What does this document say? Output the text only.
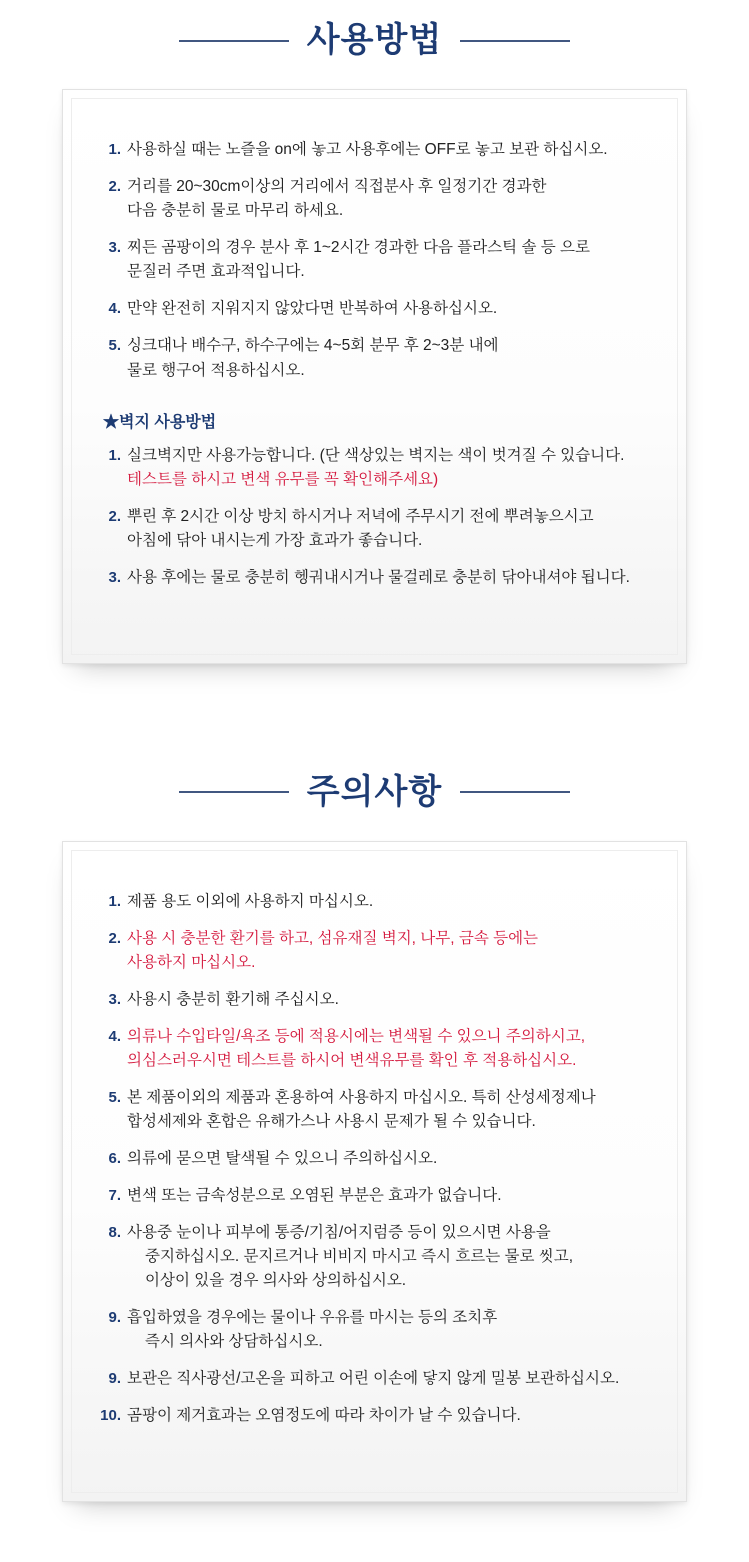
사용방법
1. 사용하실 때는 노즐을 on에 놓고 사용후에는 OFF로 놓고 보관 하십시오.
2. 거리를 20~30cm이상의 거리에서 직접분사 후 일정기간 경과한
다음 충분히 물로 마무리 하세요.
3. 찌든 곰팡이의 경우 분사 후 1~2시간 경과한 다음 플라스틱 솔 등 으로
문질러 주면 효과적입니다.
4. 만약 완전히 지워지지 않았다면 반복하여 사용하십시오.
5. 싱크대나 배수구, 하수구에는 4~5회 분무 후 2~3분 내에
물로 행구어 적용하십시오.
★벽지 사용방법
1. 실크벽지만 사용가능합니다. (단 색상있는 벽지는 색이 벗겨질 수 있습니다.
테스트를 하시고 변색 유무를 꼭 확인해주세요)
2. 뿌린 후 2시간 이상 방치 하시거나 저녁에 주무시기 전에 뿌려놓으시고
아침에 닦아 내시는게 가장 효과가 좋습니다.
3. 사용 후에는 물로 충분히 헹궈내시거나 물걸레로 충분히 닦아내셔야 됩니다.
주의사항
1. 제품 용도 이외에 사용하지 마십시오.
2. 사용 시 충분한 환기를 하고, 섬유재질 벽지, 나무, 금속 등에는
사용하지 마십시오.
3. 사용시 충분히 환기해 주십시오.
4. 의류나 수입타일/욕조 등에 적용시에는 변색될 수 있으니 주의하시고,
의심스러우시면 테스트를 하시어 변색유무를 확인 후 적용하십시오.
5. 본 제품이외의 제품과 혼용하여 사용하지 마십시오. 특히 산성세정제나
합성세제와 혼합은 유해가스나 사용시 문제가 될 수 있습니다.
6. 의류에 묻으면 탈색될 수 있으니 주의하십시오.
7. 변색 또는 금속성분으로 오염된 부분은 효과가 없습니다.
8. 사용중 눈이나 피부에 통증/기침/어지럼증 등이 있으시면 사용을
중지하십시오. 문지르거나 비비지 마시고 즉시 흐르는 물로 씻고,
이상이 있을 경우 의사와 상의하십시오.
9. 흡입하였을 경우에는 물이나 우유를 마시는 등의 조치후
즉시 의사와 상담하십시오.
9. 보관은 직사광선/고온을 피하고 어린 이손에 닿지 않게 밀봉 보관하십시오.
10. 곰팡이 제거효과는 오염정도에 따라 차이가 날 수 있습니다.
